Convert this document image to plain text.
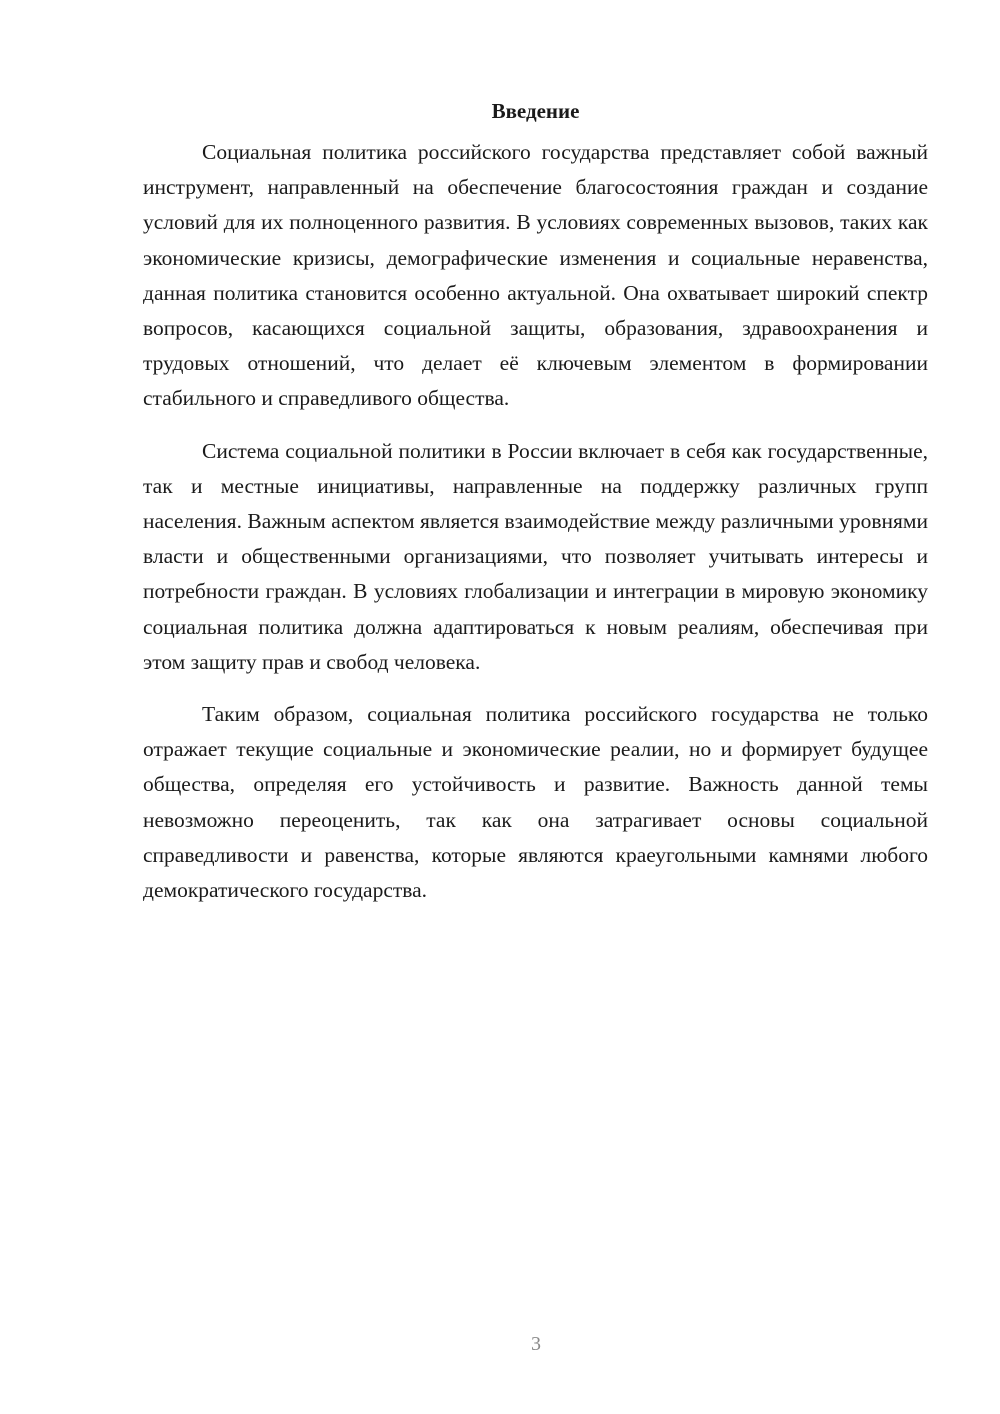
Введение

Социальная политика российского государства представляет собой важный инструмент, направленный на обеспечение благосостояния граждан и создание условий для их полноценного развития. В условиях современных вызовов, таких как экономические кризисы, демографические изменения и социальные неравенства, данная политика становится особенно актуальной. Она охватывает широкий спектр вопросов, касающихся социальной защиты, образования, здравоохранения и трудовых отношений, что делает её ключевым элементом в формировании стабильного и справедливого общества.

Система социальной политики в России включает в себя как государственные, так и местные инициативы, направленные на поддержку различных групп населения. Важным аспектом является взаимодействие между различными уровнями власти и общественными организациями, что позволяет учитывать интересы и потребности граждан. В условиях глобализации и интеграции в мировую экономику социальная политика должна адаптироваться к новым реалиям, обеспечивая при этом защиту прав и свобод человека.

Таким образом, социальная политика российского государства не только отражает текущие социальные и экономические реалии, но и формирует будущее общества, определяя его устойчивость и развитие. Важность данной темы невозможно переоценить, так как она затрагивает основы социальной справедливости и равенства, которые являются краеугольными камнями любого демократического государства.

3
